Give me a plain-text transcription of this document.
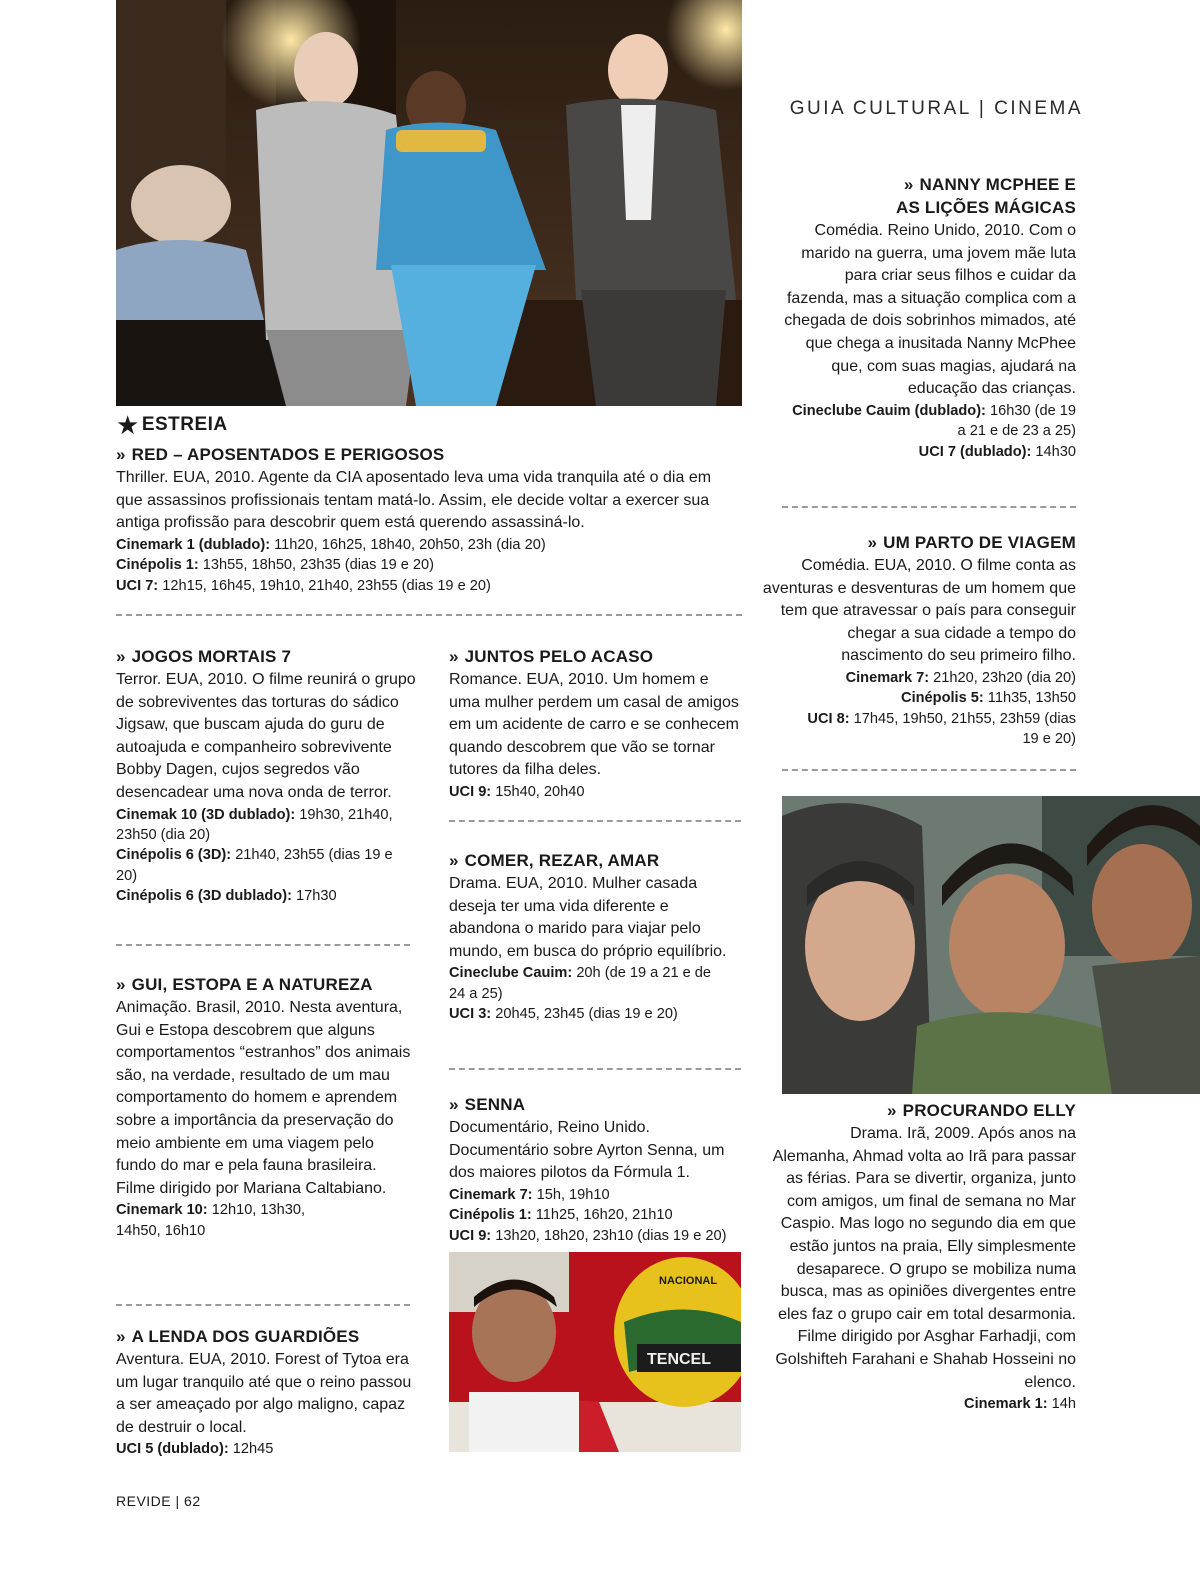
GUIA CULTURAL | CINEMA
★ ESTREIA
» RED – APOSENTADOS E PERIGOSOS

Thriller. EUA, 2010. Agente da CIA aposentado leva uma vida tranquila até o dia em que assassinos profissionais tentam matá-lo. Assim, ele decide voltar a exercer sua antiga profissão para descobrir quem está querendo assassiná-lo.

Cinemark 1 (dublado): 11h20, 16h25, 18h40, 20h50, 23h (dia 20)

Cinépolis 1: 13h55, 18h50, 23h35 (dias 19 e 20)

UCI 7: 12h15, 16h45, 19h10, 21h40, 23h55 (dias 19 e 20)

» JOGOS MORTAIS 7

Terror. EUA, 2010. O filme reunirá o grupo de sobreviventes das torturas do sádico Jigsaw, que buscam ajuda do guru de autoajuda e companheiro sobrevivente Bobby Dagen, cujos segredos vão desencadear uma nova onda de terror.

Cinemak 10 (3D dublado): 19h30, 21h40, 23h50 (dia 20)

Cinépolis 6 (3D): 21h40, 23h55 (dias 19 e 20)

Cinépolis 6 (3D dublado): 17h30

» GUI, ESTOPA E A NATUREZA

Animação. Brasil, 2010. Nesta aventura, Gui e Estopa descobrem que alguns comportamentos “estranhos” dos animais são, na verdade, resultado de um mau comportamento do homem e aprendem sobre a importância da preservação do meio ambiente em uma viagem pelo fundo do mar e pela fauna brasileira. Filme dirigido por Mariana Caltabiano.

Cinemark 10: 12h10, 13h30, 14h50, 16h10

» A LENDA DOS GUARDIÕES

Aventura. EUA, 2010. Forest of Tytoa era um lugar tranquilo até que o reino passou a ser ameaçado por algo maligno, capaz de destruir o local.

UCI 5 (dublado): 12h45

» JUNTOS PELO ACASO

Romance. EUA, 2010. Um homem e uma mulher perdem um casal de amigos em um acidente de carro e se conhecem quando descobrem que vão se tornar tutores da filha deles.

UCI 9: 15h40, 20h40

» COMER, REZAR, AMAR

Drama. EUA, 2010. Mulher casada deseja ter uma vida diferente e abandona o marido para viajar pelo mundo, em busca do próprio equilíbrio.

Cineclube Cauim: 20h (de 19 a 21 e de 24 a 25)

UCI 3: 20h45, 23h45 (dias 19 e 20)

» SENNA

Documentário, Reino Unido. Documentário sobre Ayrton Senna, um dos maiores pilotos da Fórmula 1.

Cinemark 7: 15h, 19h10

Cinépolis 1: 11h25, 16h20, 21h10

UCI 9: 13h20, 18h20, 23h10 (dias 19 e 20)

TENCEL
NACIONAL
» NANNY MCPHEE E
AS LIÇÕES MÁGICAS

Comédia. Reino Unido, 2010. Com o marido na guerra, uma jovem mãe luta para criar seus filhos e cuidar da fazenda, mas a situação complica com a chegada de dois sobrinhos mimados, até que chega a inusitada Nanny McPhee que, com suas magias, ajudará na educação das crianças.

Cineclube Cauim (dublado): 16h30 (de 19 a 21 e de 23 a 25)

UCI 7 (dublado): 14h30

» UM PARTO DE VIAGEM

Comédia. EUA, 2010. O filme conta as aventuras e desventuras de um homem que tem que atravessar o país para conseguir chegar a sua cidade a tempo do nascimento do seu primeiro filho.

Cinemark 7: 21h20, 23h20 (dia 20)

Cinépolis 5: 11h35, 13h50

UCI 8: 17h45, 19h50, 21h55, 23h59 (dias 19 e 20)

» PROCURANDO ELLY

Drama. Irã, 2009. Após anos na Alemanha, Ahmad volta ao Irã para passar as férias. Para se divertir, organiza, junto com amigos, um final de semana no Mar Caspio. Mas logo no segundo dia em que estão juntos na praia, Elly simplesmente desaparece. O grupo se mobiliza numa busca, mas as opiniões divergentes entre eles faz o grupo cair em total desarmonia. Filme dirigido por Asghar Farhadji, com Golshifteh Farahani e Shahab Hosseini no elenco.

Cinemark 1: 14h

REVIDE | 62
